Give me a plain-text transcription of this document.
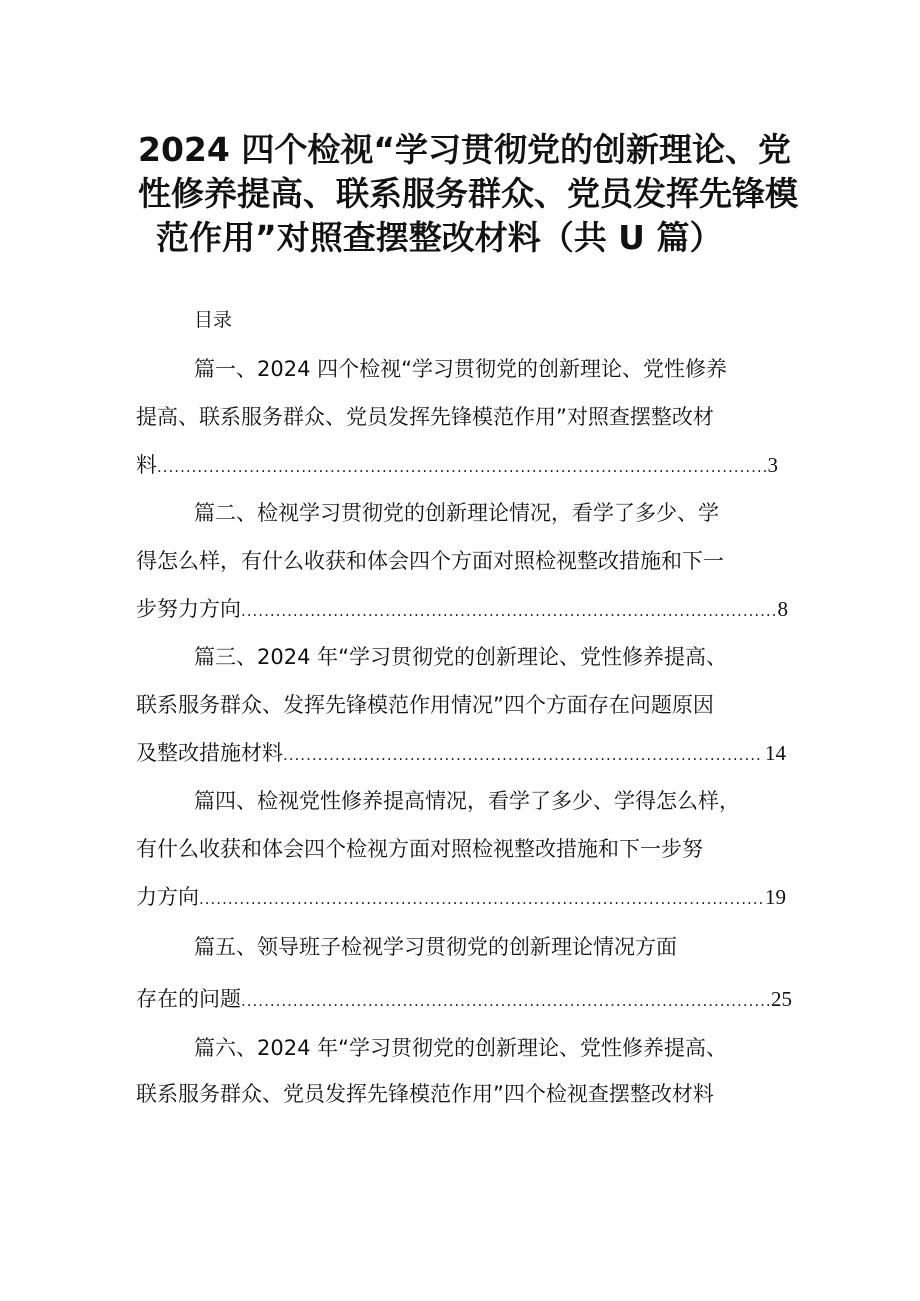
2024 四个检视“学习贯彻党的创新理论、党
性修养提高、联系服务群众、党员发挥先锋模
范作用”对照查摆整改材料（共 U 篇）
目录
篇一、2024 四个检视“学习贯彻党的创新理论、党性修养
提高、联系服务群众、党员发挥先锋模范作用”对照查摆整改材
料 .....	3
篇二、检视学习贯彻党的创新理论情况，看学了多少、学
得怎么样，有什么收获和体会四个方面对照检视整改措施和下一
步努力方向 .....	8
篇三、2024 年“学习贯彻党的创新理论、党性修养提高、
联系服务群众、发挥先锋模范作用情况”四个方面存在问题原因
及整改措施材料 .....	14
篇四、检视党性修养提高情况，看学了多少、学得怎么样，
有什么收获和体会四个检视方面对照检视整改措施和下一步努
力方向 .....	19
篇五、领导班子检视学习贯彻党的创新理论情况方面
存在的问题 .....	25
篇六、2024 年“学习贯彻党的创新理论、党性修养提高、
联系服务群众、党员发挥先锋模范作用”四个检视查摆整改材料
